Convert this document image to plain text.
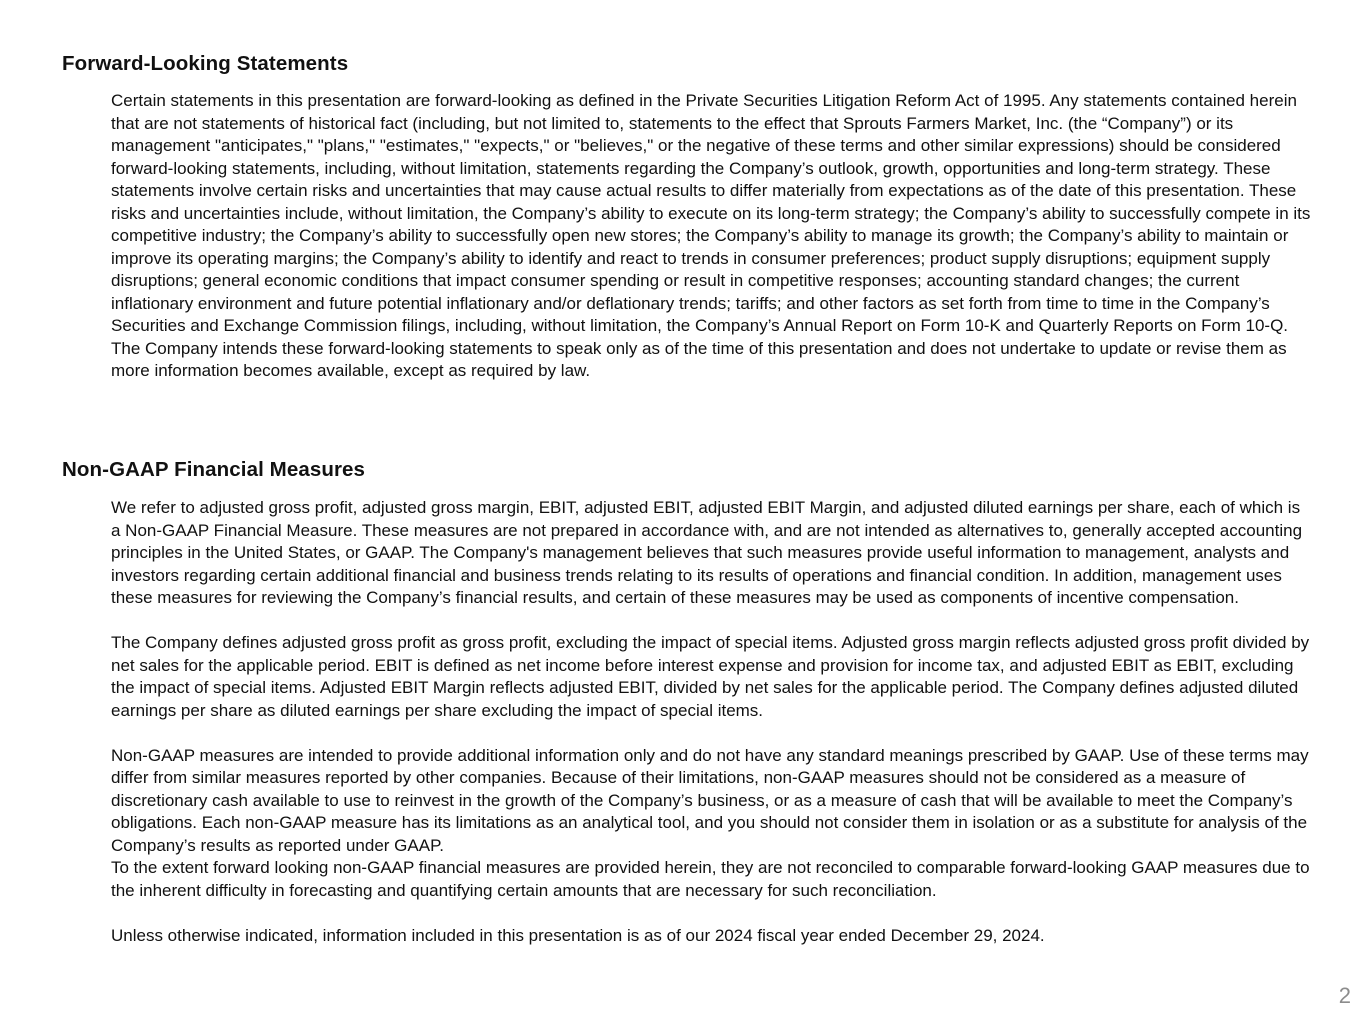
Forward-Looking Statements

Certain statements in this presentation are forward-looking as defined in the Private Securities Litigation Reform Act of 1995. Any statements contained herein that are not statements of historical fact (including, but not limited to, statements to the effect that Sprouts Farmers Market, Inc. (the “Company”) or its management "anticipates," "plans," "estimates," "expects," or "believes," or the negative of these terms and other similar expressions) should be considered forward-looking statements, including, without limitation, statements regarding the Company’s outlook, growth, opportunities and long-term strategy. These statements involve certain risks and uncertainties that may cause actual results to differ materially from expectations as of the date of this presentation. These risks and uncertainties include, without limitation, the Company’s ability to execute on its long-term strategy; the Company’s ability to successfully compete in its competitive industry; the Company’s ability to successfully open new stores; the Company’s ability to manage its growth; the Company’s ability to maintain or improve its operating margins; the Company’s ability to identify and react to trends in consumer preferences; product supply disruptions; equipment supply disruptions; general economic conditions that impact consumer spending or result in competitive responses; accounting standard changes; the current inflationary environment and future potential inflationary and/or deflationary trends; tariffs; and other factors as set forth from time to time in the Company’s Securities and Exchange Commission filings, including, without limitation, the Company’s Annual Report on Form 10-K and Quarterly Reports on Form 10-Q. The Company intends these forward-looking statements to speak only as of the time of this presentation and does not undertake to update or revise them as more information becomes available, except as required by law.

Non-GAAP Financial Measures

We refer to adjusted gross profit, adjusted gross margin, EBIT, adjusted EBIT, adjusted EBIT Margin, and adjusted diluted earnings per share, each of which is a Non-GAAP Financial Measure. These measures are not prepared in accordance with, and are not intended as alternatives to, generally accepted accounting principles in the United States, or GAAP. The Company's management believes that such measures provide useful information to management, analysts and investors regarding certain additional financial and business trends relating to its results of operations and financial condition. In addition, management uses these measures for reviewing the Company’s financial results, and certain of these measures may be used as components of incentive compensation.

The Company defines adjusted gross profit as gross profit, excluding the impact of special items. Adjusted gross margin reflects adjusted gross profit divided by net sales for the applicable period. EBIT is defined as net income before interest expense and provision for income tax, and adjusted EBIT as EBIT, excluding the impact of special items. Adjusted EBIT Margin reflects adjusted EBIT, divided by net sales for the applicable period. The Company defines adjusted diluted earnings per share as diluted earnings per share excluding the impact of special items.

Non-GAAP measures are intended to provide additional information only and do not have any standard meanings prescribed by GAAP. Use of these terms may differ from similar measures reported by other companies. Because of their limitations, non-GAAP measures should not be considered as a measure of discretionary cash available to use to reinvest in the growth of the Company’s business, or as a measure of cash that will be available to meet the Company’s obligations. Each non-GAAP measure has its limitations as an analytical tool, and you should not consider them in isolation or as a substitute for analysis of the Company’s results as reported under GAAP.

To the extent forward looking non-GAAP financial measures are provided herein, they are not reconciled to comparable forward-looking GAAP measures due to the inherent difficulty in forecasting and quantifying certain amounts that are necessary for such reconciliation.

Unless otherwise indicated, information included in this presentation is as of our 2024 fiscal year ended December 29, 2024.

2
